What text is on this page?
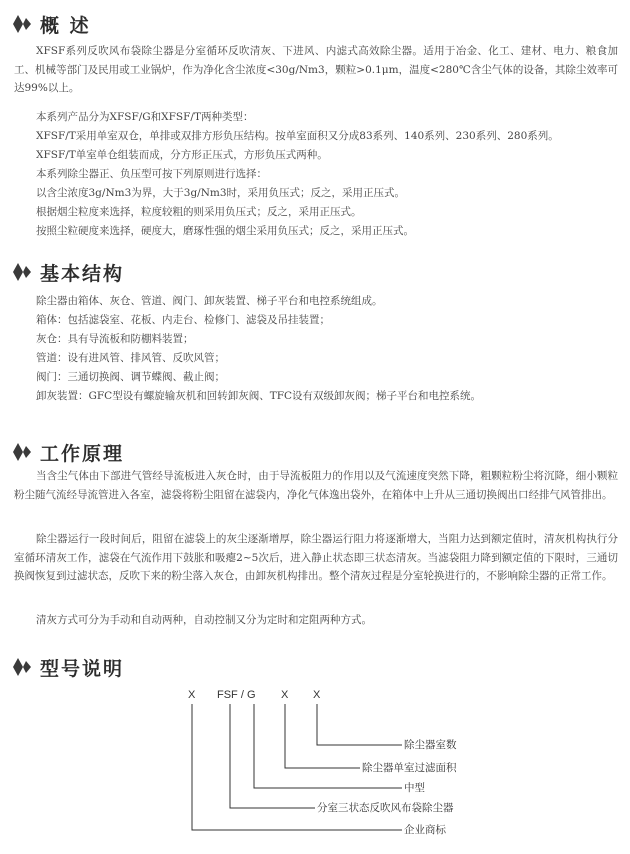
概 述
XFSF系列反吹风布袋除尘器是分室循环反吹清灰、下进风、内滤式高效除尘器。适用于冶金、化工、建材、电力、粮食加工、机械等部门及民用或工业锅炉，作为净化含尘浓度<30g/Nm3，颗粒>0.1μm，温度<280℃含尘气体的设备，其除尘效率可达99%以上。
本系列产品分为XFSF/G和XFSF/T两种类型：
XFSF/T采用单室双仓，单排或双排方形负压结构。按单室面积又分成83系列、140系列、230系列、280系列。
XFSF/T单室单仓组装而成，分方形正压式，方形负压式两种。
本系列除尘器正、负压型可按下列原则进行选择：
以含尘浓度3g/Nm3为界，大于3g/Nm3时，采用负压式；反之，采用正压式。
根据烟尘粒度来选择，粒度较粗的则采用负压式；反之，采用正压式。
按照尘粒硬度来选择，硬度大，磨琢性强的烟尘采用负压式；反之，采用正压式。
基本结构
除尘器由箱体、灰仓、管道、阀门、卸灰装置、梯子平台和电控系统组成。
箱体：包括滤袋室、花板、内走台、检修门、滤袋及吊挂装置；
灰仓：具有导流板和防棚料装置；
管道：设有进风管、排风管、反吹风管；
阀门：三通切换阀、调节蝶阀、截止阀；
卸灰装置：GFC型设有螺旋输灰机和回转卸灰阀、TFC设有双级卸灰阀；梯子平台和电控系统。
工作原理
当含尘气体由下部进气管经导流板进入灰仓时，由于导流板阻力的作用以及气流速度突然下降，粗颗粒粉尘将沉降，细小颗粒粉尘随气流经导流管进入各室，滤袋将粉尘阻留在滤袋内，净化气体逸出袋外，在箱体中上升从三通切换阀出口经排气风管排出。
除尘器运行一段时间后，阻留在滤袋上的灰尘逐渐增厚，除尘器运行阻力将逐渐增大，当阻力达到额定值时，清灰机构执行分室循环清灰工作，滤袋在气流作用下鼓胀和吸瘪2~5次后，进入静止状态即三状态清灰。当滤袋阻力降到额定值的下限时，三通切换阀恢复到过滤状态，反吹下来的粉尘落入灰仓，由卸灰机构排出。整个清灰过程是分室轮换进行的，不影响除尘器的正常工作。
清灰方式可分为手动和自动两种，自动控制又分为定时和定阻两种方式。
型号说明
X FSF / G X X
除尘器室数
除尘器单室过滤面积
中型
分室三状态反吹风布袋除尘器
企业商标
